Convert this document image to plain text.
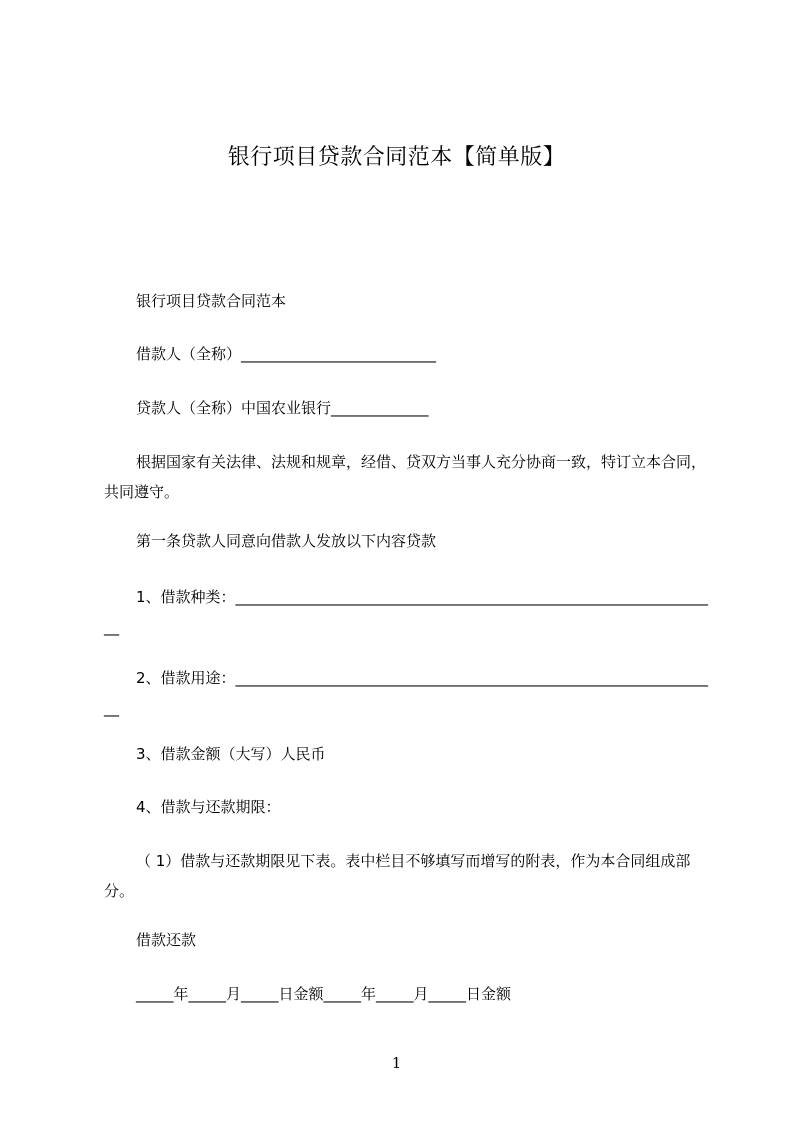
银行项目贷款合同范本【简单版】

银行项目贷款合同范本

借款人（全称）__________________________

贷款人（全称）中国农业银行_____________

根据国家有关法律、法规和规章，经借、贷双方当事人充分协商一致，特订立本合同，共同遵守。

第一条贷款人同意向借款人发放以下内容贷款

1、借款种类：_________________________________________________________________

2、借款用途：_________________________________________________________________

3、借款金额（大写）人民币

4、借款与还款期限：

（ 1）借款与还款期限见下表。表中栏目不够填写而增写的附表，作为本合同组成部分。

借款还款

_____年_____月_____日金额_____年_____月_____日金额

1
